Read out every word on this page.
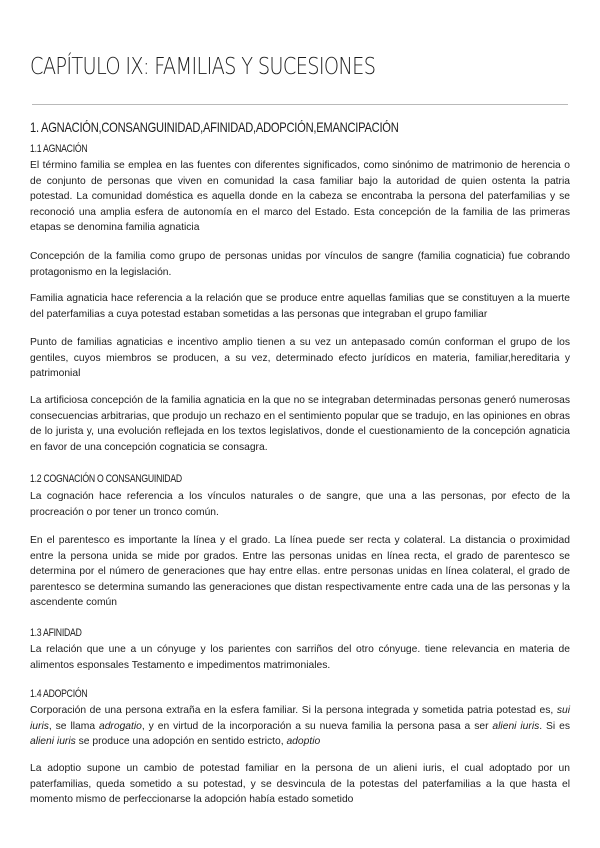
CAPÍTULO IX: FAMILIAS Y SUCESIONES
1. AGNACIÓN,CONSANGUINIDAD,AFINIDAD,ADOPCIÓN,EMANCIPACIÓN
1.1 AGNACIÓN

El término familia se emplea en las fuentes con diferentes significados, como sinónimo de matrimonio de herencia o de conjunto de personas que viven en comunidad la casa familiar bajo la autoridad de quien ostenta la patria potestad. La comunidad doméstica es aquella donde en la cabeza se encontraba la persona del paterfamilias y se reconoció una amplia esfera de autonomía en el marco del Estado. Esta concepción de la familia de las primeras etapas se denomina familia agnaticia

Concepción de la familia como grupo de personas unidas por vínculos de sangre (familia cognaticia) fue cobrando protagonismo en la legislación.

Familia agnaticia hace referencia a la relación que se produce entre aquellas familias que se constituyen a la muerte del paterfamilias a cuya potestad estaban sometidas a las personas que integraban el grupo familiar

Punto de familias agnaticias e incentivo amplio tienen a su vez un antepasado común conforman el grupo de los gentiles, cuyos miembros se producen, a su vez, determinado efecto jurídicos en materia, familiar,hereditaria y patrimonial

La artificiosa concepción de la familia agnaticia en la que no se integraban determinadas personas generó numerosas consecuencias arbitrarias, que produjo un rechazo en el sentimiento popular que se tradujo, en las opiniones en obras de lo jurista y, una evolución reflejada en los textos legislativos, donde el cuestionamiento de la concepción agnaticia en favor de una concepción cognaticia se consagra.

1.2 COGNACIÓN O CONSANGUINIDAD

La cognación hace referencia a los vínculos naturales o de sangre, que una a las personas, por efecto de la procreación o por tener un tronco común.

En el parentesco es importante la línea y el grado. La línea puede ser recta y colateral. La distancia o proximidad entre la persona unida se mide por grados. Entre las personas unidas en línea recta, el grado de parentesco se determina por el número de generaciones que hay entre ellas. entre personas unidas en línea colateral, el grado de parentesco se determina sumando las generaciones que distan respectivamente entre cada una de las personas y la ascendente común

1.3 AFINIDAD

La relación que une a un cónyuge y los parientes con sarriños del otro cónyuge. tiene relevancia en materia de alimentos esponsales Testamento e impedimentos matrimoniales.

1.4 ADOPCIÓN

Corporación de una persona extraña en la esfera familiar. Si la persona integrada y sometida patria potestad es, sui iuris, se llama adrogatio, y en virtud de la incorporación a su nueva familia la persona pasa a ser alieni iuris. Si es alieni iuris se produce una adopción en sentido estricto, adoptio

La adoptio supone un cambio de potestad familiar en la persona de un alieni iuris, el cual adoptado por un paterfamilias, queda sometido a su potestad, y se desvincula de la potestas del paterfamilias a la que hasta el momento mismo de perfeccionarse la adopción había estado sometido
